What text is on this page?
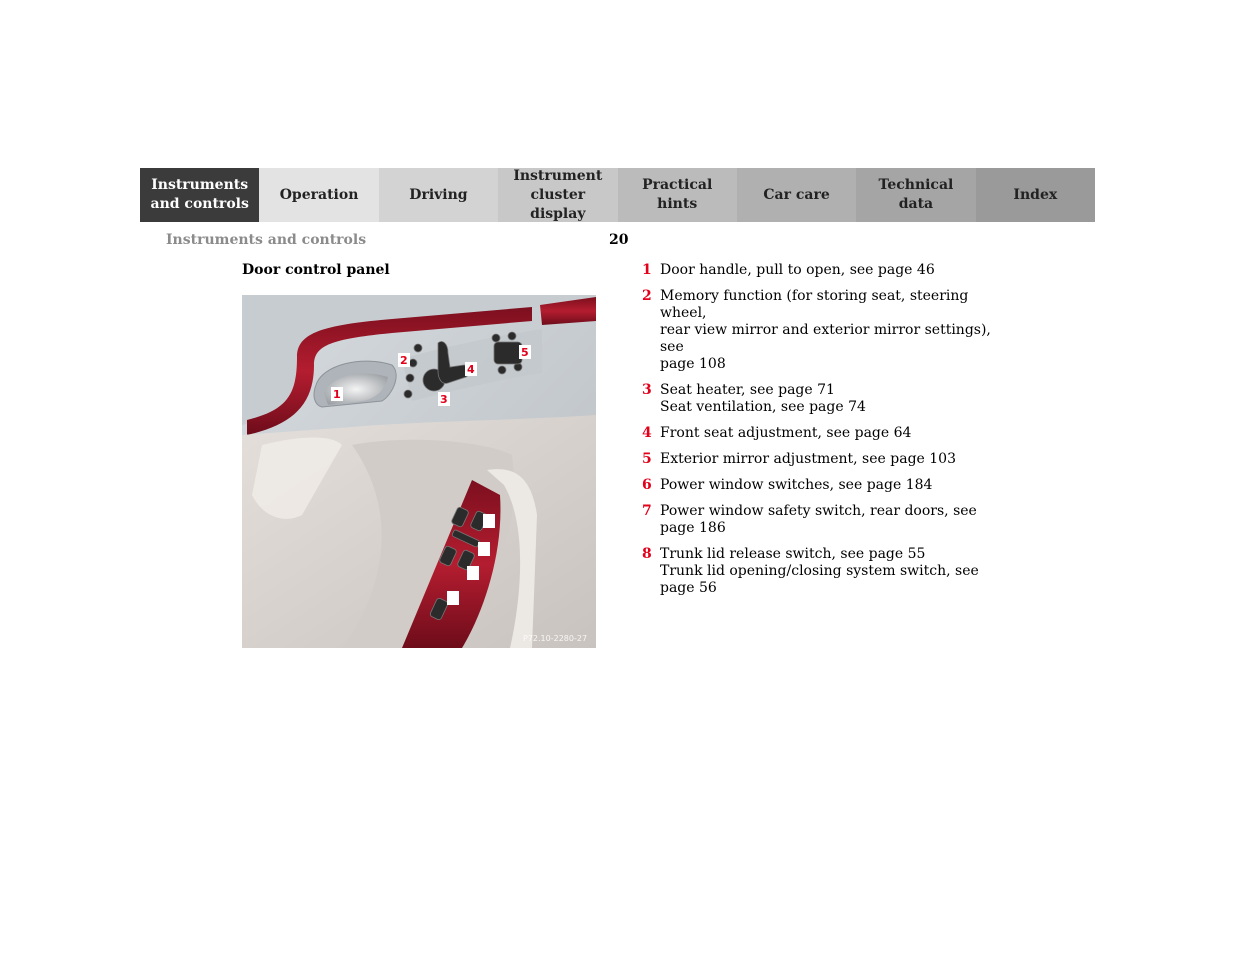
Instruments
and controls
Operation	Driving
Instrument
cluster display
Practical hints
Car care
Technical
data
Index
Instruments and controls	20
Door control panel
1
2
3
4
5
P72.10-2280-27
1 Door handle, pull to open, see page 46
2 Memory function (for storing seat, steering wheel,
rear view mirror and exterior mirror settings), see
page 108
3 Seat heater, see page 71
Seat ventilation, see page 74
4 Front seat adjustment, see page 64
5 Exterior mirror adjustment, see page 103
6 Power window switches, see page 184
7 Power window safety switch, rear doors, see
page 186
8 Trunk lid release switch, see page 55
Trunk lid opening/closing system switch, see
page 56
